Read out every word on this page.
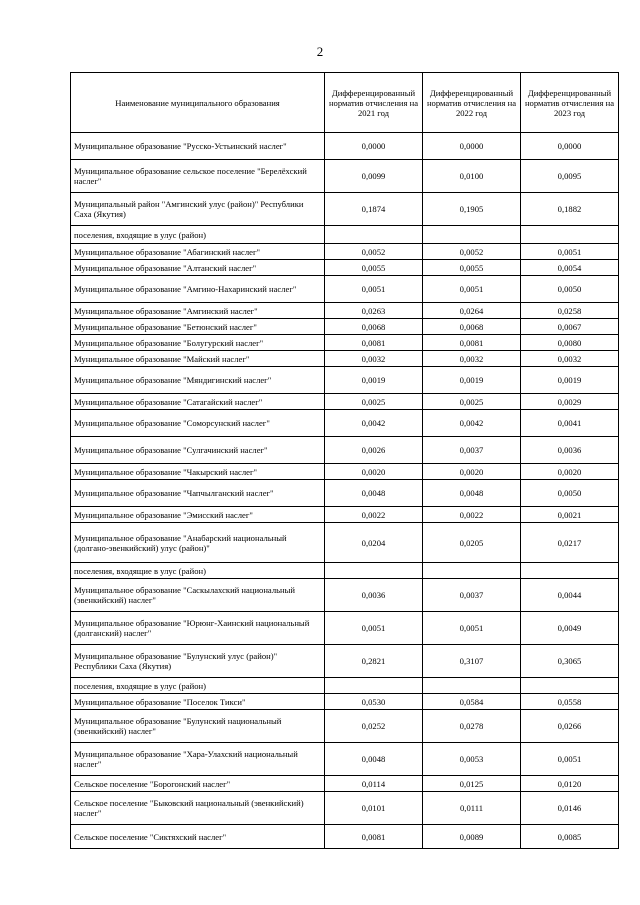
2
Наименование муниципального образования	Дифференцированный норматив отчисления на 2021 год	Дифференцированный норматив отчисления на 2022 год	Дифференцированный норматив отчисления на 2023 год
Муниципальное образование "Русско-Устьинский наслег"	0,0000	0,0000	0,0000
Муниципальное образование сельское поселение "Берелёхский наслег"	0,0099	0,0100	0,0095
Муниципальный район "Амгинский улус (район)" Республики Саха (Якутия)	0,1874	0,1905	0,1882
поселения, входящие в улус (район)			
Муниципальное образование "Абагинский наслег"	0,0052	0,0052	0,0051
Муниципальное образование "Алтанский наслег"	0,0055	0,0055	0,0054
Муниципальное образование "Амгино-Нахаринский наслег"	0,0051	0,0051	0,0050
Муниципальное образование "Амгинский наслег"	0,0263	0,0264	0,0258
Муниципальное образование "Бетюнский наслег"	0,0068	0,0068	0,0067
Муниципальное образование "Болугурский наслег"	0,0081	0,0081	0,0080
Муниципальное образование "Майский наслег"	0,0032	0,0032	0,0032
Муниципальное образование "Мяндигинский наслег"	0,0019	0,0019	0,0019
Муниципальное образование "Сатагайский наслег"	0,0025	0,0025	0,0029
Муниципальное образование "Соморсунский наслег"	0,0042	0,0042	0,0041
Муниципальное образование "Сулгачинский наслег"	0,0026	0,0037	0,0036
Муниципальное образование "Чакырский наслег"	0,0020	0,0020	0,0020
Муниципальное образование "Чапчылганский наслег"	0,0048	0,0048	0,0050
Муниципальное образование "Эмисский наслег"	0,0022	0,0022	0,0021
Муниципальное образование "Анабарский национальный (долгано-эвенкийский) улус (район)"	0,0204	0,0205	0,0217
поселения, входящие в улус (район)			
Муниципальное образование "Саскылахский национальный (эвенкийский) наслег"	0,0036	0,0037	0,0044
Муниципальное образование "Юрюнг-Хаинский национальный (долганский) наслег"	0,0051	0,0051	0,0049
Муниципальное образование "Булунский улус (район)" Республики Саха (Якутия)	0,2821	0,3107	0,3065
поселения, входящие в улус (район)			
Муниципальное образование "Поселок Тикси"	0,0530	0,0584	0,0558
Муниципальное образование "Булунский национальный (эвенкийский) наслег"	0,0252	0,0278	0,0266
Муниципальное образование "Хара-Улахский национальный наслег"	0,0048	0,0053	0,0051
Сельское поселение "Борогонский наслег"	0,0114	0,0125	0,0120
Сельское поселение "Быковский национальный (эвенкийский) наслег"	0,0101	0,0111	0,0146
Сельское поселение "Сиктяхский наслег"	0,0081	0,0089	0,0085
